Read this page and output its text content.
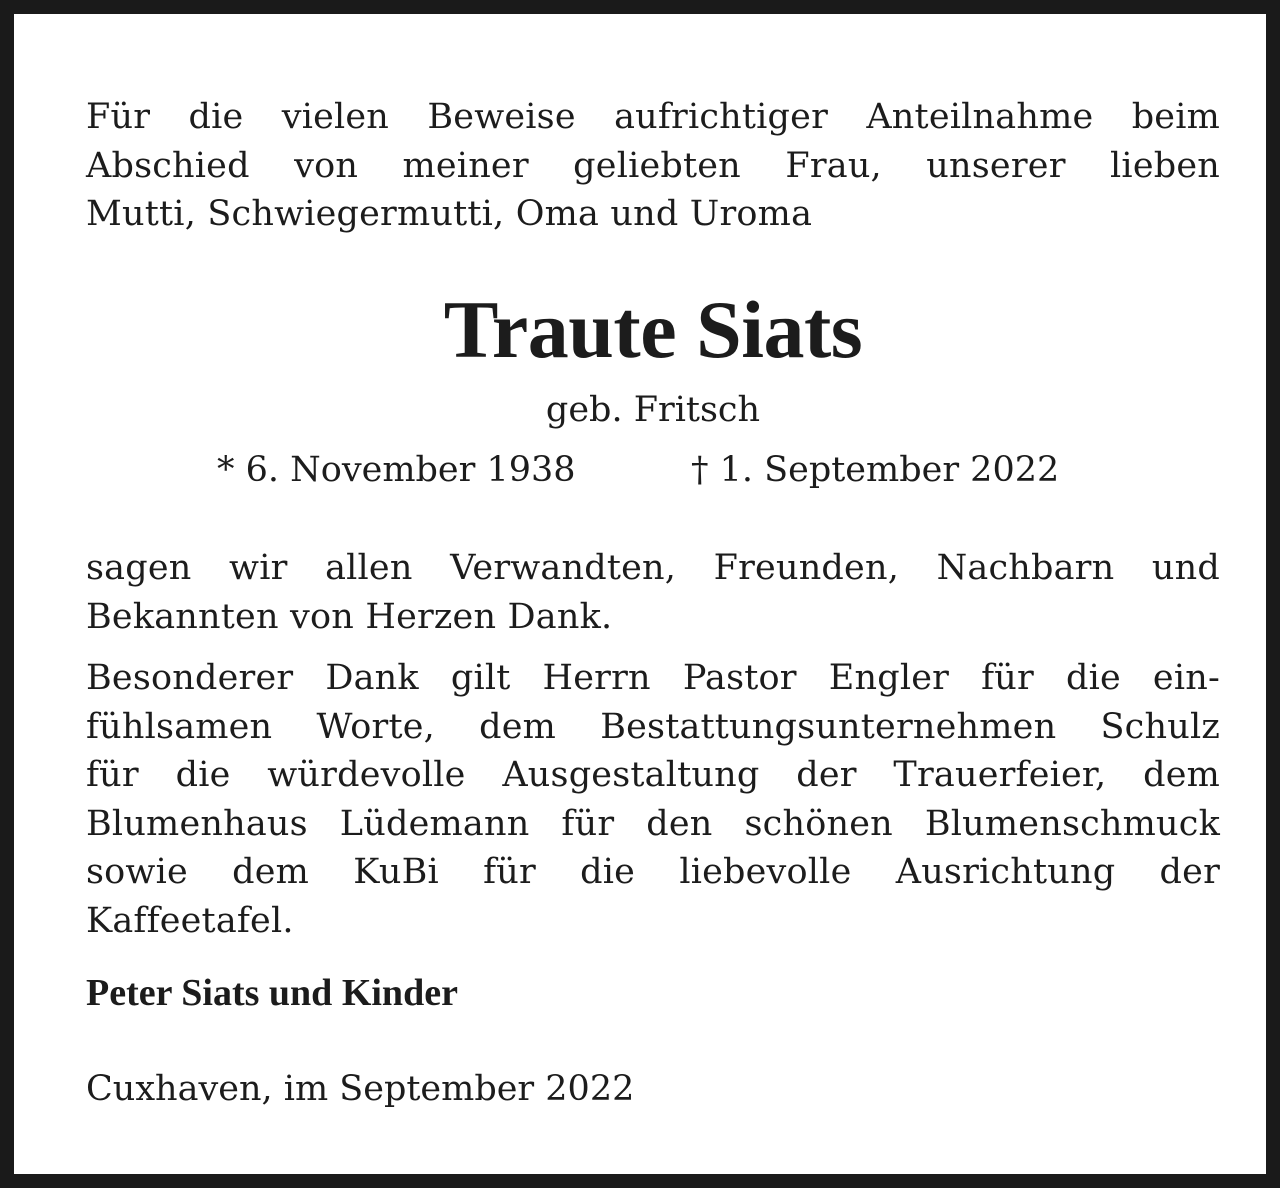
Für die vielen Beweise aufrichtiger Anteilnahme beim
Abschied von meiner geliebten Frau, unserer lieben
Mutti, Schwiegermutti, Oma und Uroma

Traute Siats
geb. Fritsch
* 6. November 1938	† 1. September 2022

sagen wir allen Verwandten, Freunden, Nachbarn und
Bekannten von Herzen Dank.

Besonderer Dank gilt Herrn Pastor Engler für die ein-
fühlsamen Worte, dem Bestattungsunternehmen Schulz
für die würdevolle Ausgestaltung der Trauerfeier, dem
Blumenhaus Lüdemann für den schönen Blumenschmuck
sowie dem KuBi für die liebevolle Ausrichtung der
Kaffeetafel.

Peter Siats und Kinder
Cuxhaven, im September 2022
